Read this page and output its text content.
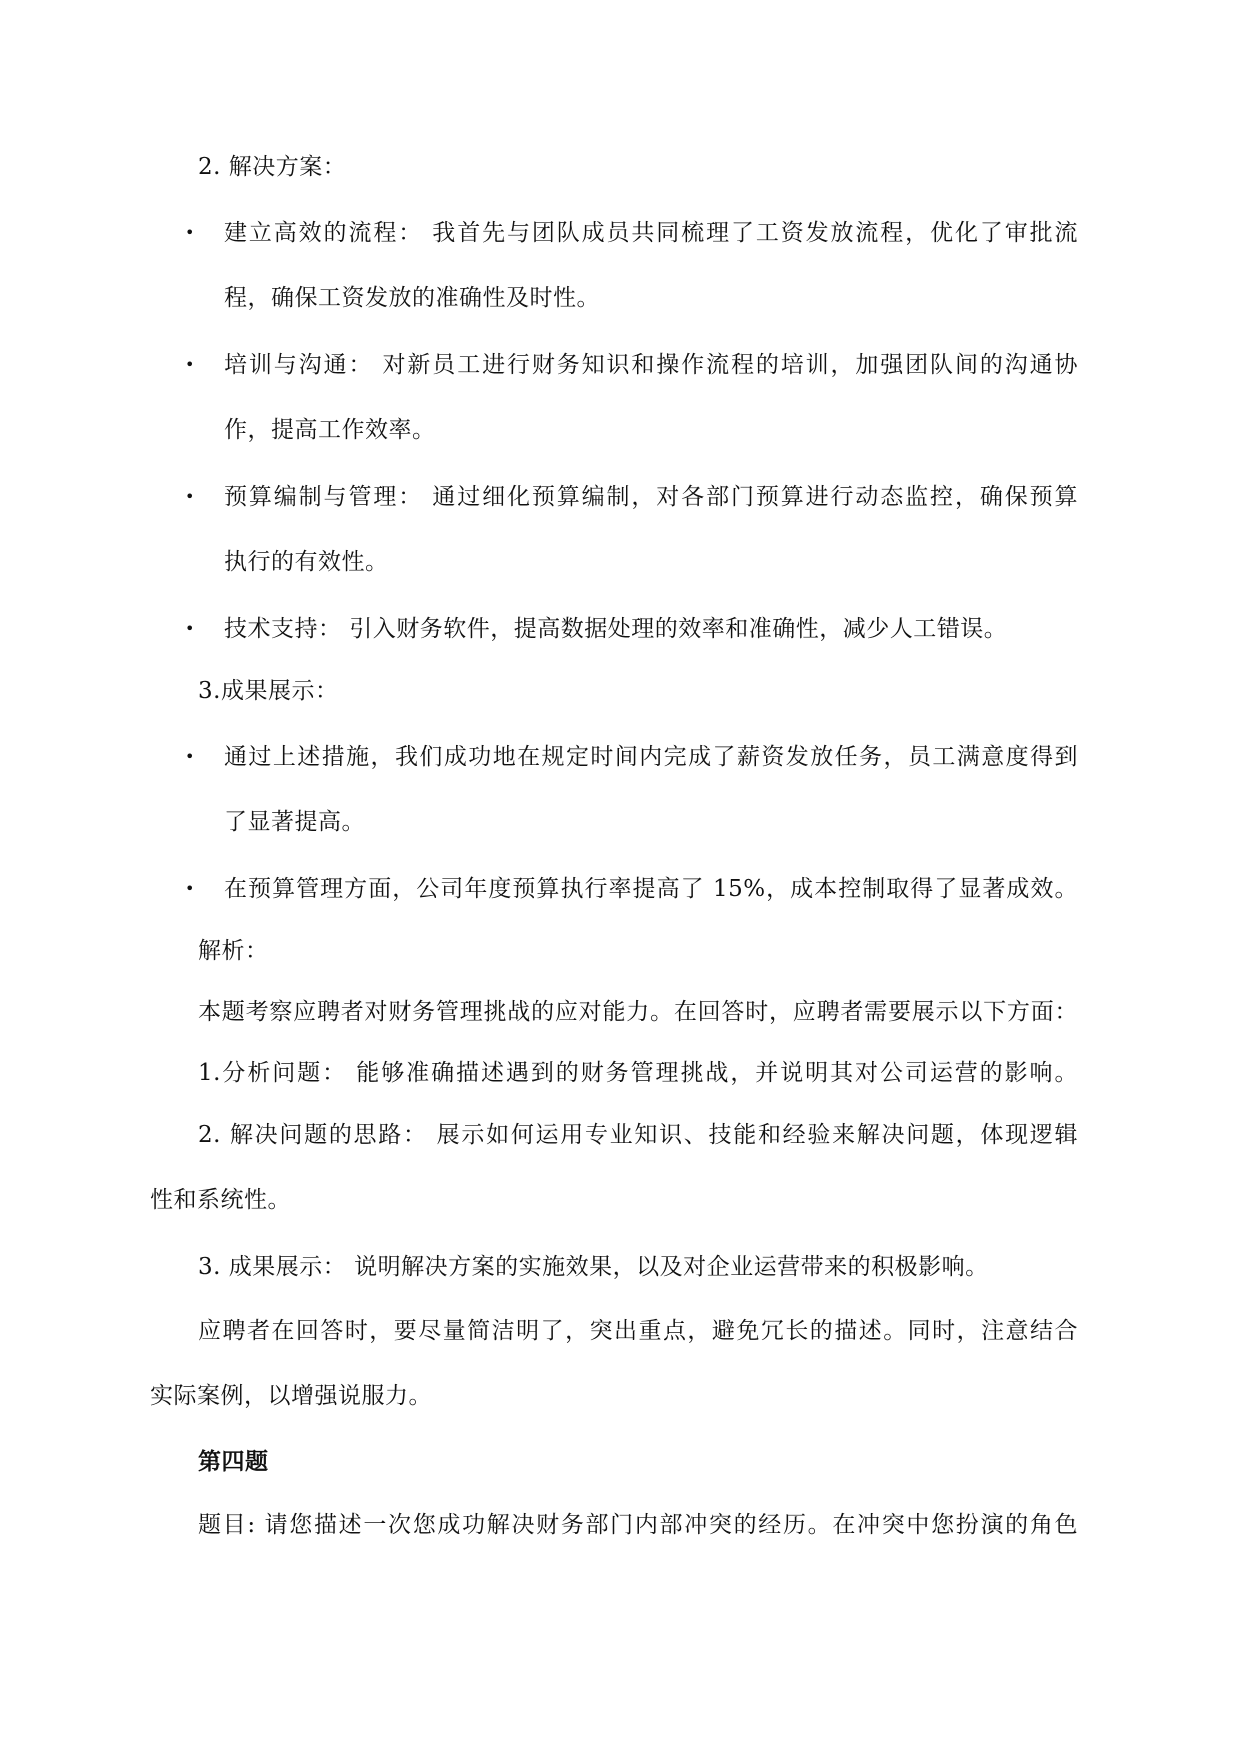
2. 解决方案：
• 建立高效的流程： 我首先与团队成员共同梳理了工资发放流程，优化了审批流
程，确保工资发放的准确性及时性。
• 培训与沟通： 对新员工进行财务知识和操作流程的培训，加强团队间的沟通协
作，提高工作效率。
• 预算编制与管理： 通过细化预算编制，对各部门预算进行动态监控，确保预算
执行的有效性。
• 技术支持： 引入财务软件，提高数据处理的效率和准确性，减少人工错误。
3.成果展示：
• 通过上述措施，我们成功地在规定时间内完成了薪资发放任务，员工满意度得到
了显著提高。
• 在预算管理方面，公司年度预算执行率提高了 15%，成本控制取得了显著成效。
解析：
本题考察应聘者对财务管理挑战的应对能力。在回答时，应聘者需要展示以下方面：
1.分析问题： 能够准确描述遇到的财务管理挑战，并说明其对公司运营的影响。
2. 解决问题的思路： 展示如何运用专业知识、技能和经验来解决问题，体现逻辑
性和系统性。
3. 成果展示： 说明解决方案的实施效果，以及对企业运营带来的积极影响。
应聘者在回答时，要尽量简洁明了，突出重点，避免冗长的描述。同时，注意结合
实际案例，以增强说服力。
第四题
题目: 请您描述一次您成功解决财务部门内部冲突的经历。在冲突中您扮演的角色
